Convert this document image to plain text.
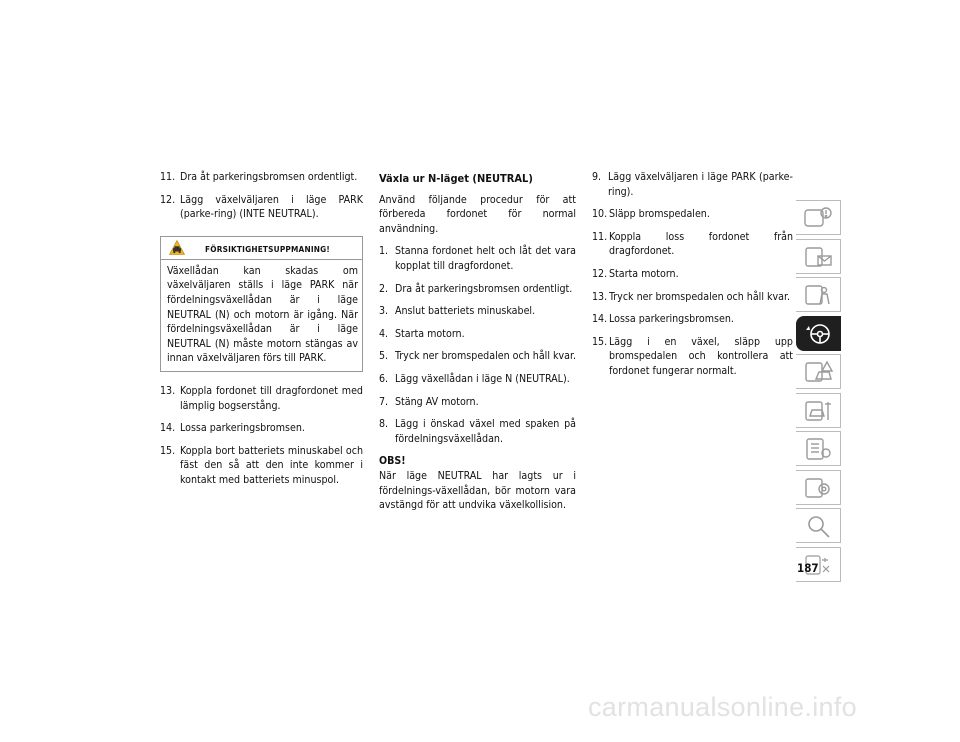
11. Dra åt parkeringsbromsen ordentligt.
12. Lägg växelväljaren i läge PARK (parke-ring) (INTE NEUTRAL).
FÖRSIKTIGHETSUPPMANING!
Växellådan kan skadas om växelväljaren ställs i läge PARK när fördelningsväxellådan är i läge NEUTRAL (N) och motorn är igång. När fördelningsväxellådan är i läge NEUTRAL (N) måste motorn stängas av innan växelväljaren förs till PARK.
13. Koppla fordonet till dragfordonet med lämplig bogserstång.
14. Lossa parkeringsbromsen.
15. Koppla bort batteriets minuskabel och fäst den så att den inte kommer i kontakt med batteriets minuspol.
Växla ur N-läget (NEUTRAL)
Använd följande procedur för att förbereda fordonet för normal användning.
1. Stanna fordonet helt och låt det vara kopplat till dragfordonet.
2. Dra åt parkeringsbromsen ordentligt.
3. Anslut batteriets minuskabel.
4. Starta motorn.
5. Tryck ner bromspedalen och håll kvar.
6. Lägg växellådan i läge N (NEUTRAL).
7. Stäng AV motorn.
8. Lägg i önskad växel med spaken på fördelningsväxellådan.
OBS!
När läge NEUTRAL har lagts ur i fördelnings-växellådan, bör motorn vara avstängd för att undvika växelkollision.
9. Lägg växelväljaren i läge PARK (parke-ring).
10. Släpp bromspedalen.
11. Koppla loss fordonet från dragfordonet.
12. Starta motorn.
13. Tryck ner bromspedalen och håll kvar.
14. Lossa parkeringsbromsen.
15. Lägg i en växel, släpp upp bromspedalen och kontrollera att fordonet fungerar normalt.
187
carmanualsonline.info
